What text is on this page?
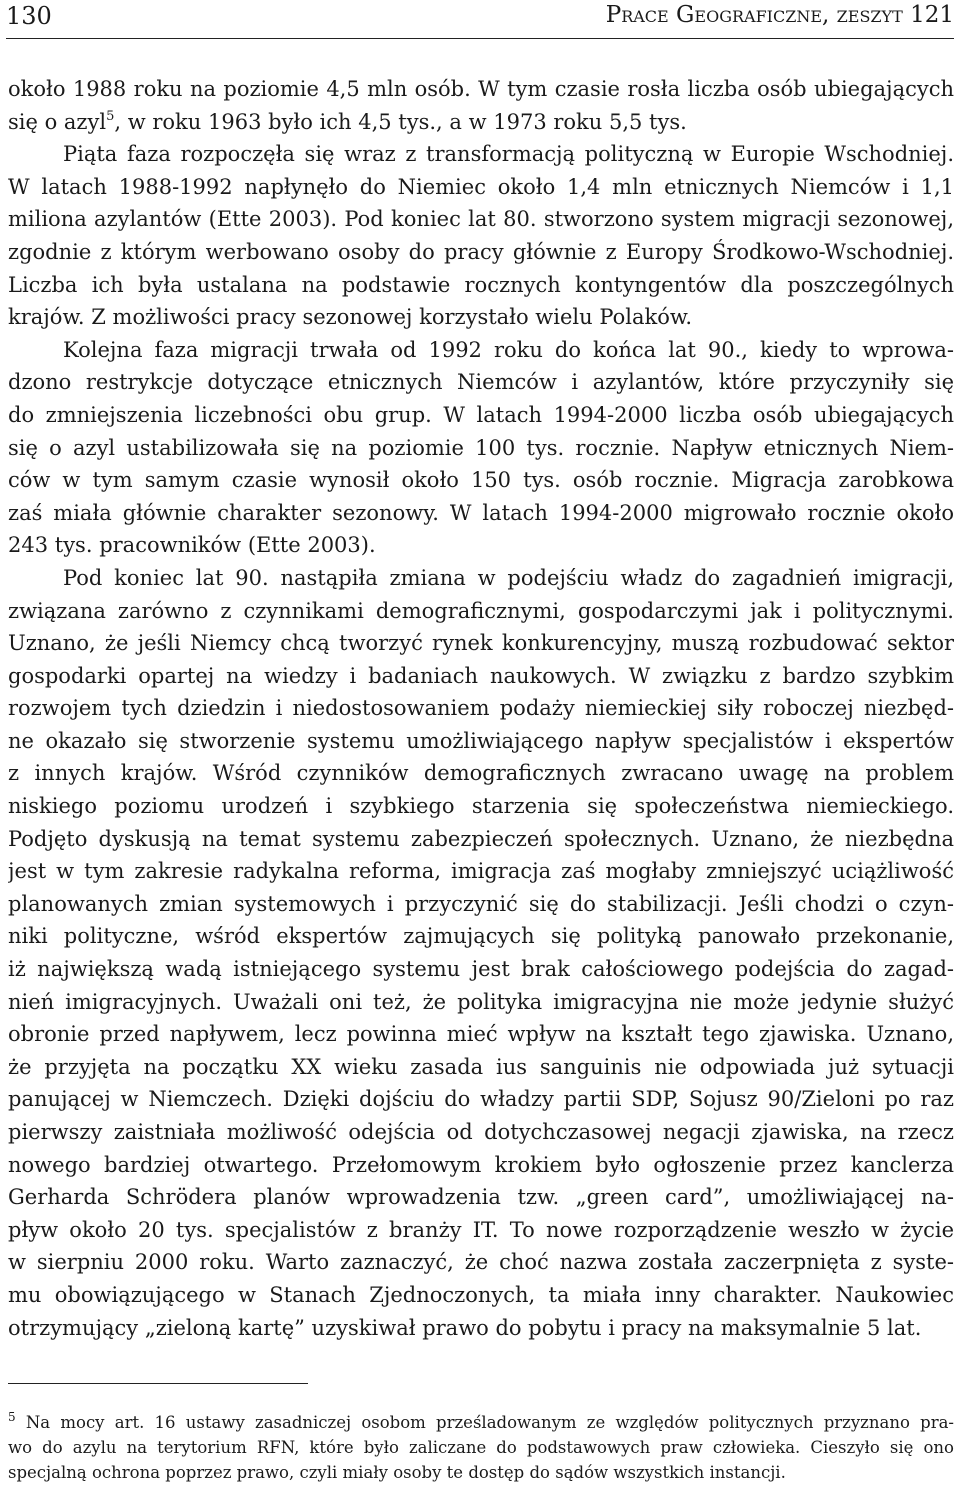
130	Prace Geograficzne, zeszyt 121
około 1988 roku na poziomie 4,5 mln osób. W tym czasie rosła liczba osób ubiegających
się o azyl$^5$, w roku 1963 było ich 4,5 tys., a w 1973 roku 5,5 tys.
Piąta faza rozpoczęła się wraz z transformacją polityczną w Europie Wschodniej.
W latach 1988-1992 napłynęło do Niemiec około 1,4 mln etnicznych Niemców i 1,1
miliona azylantów (Ette 2003). Pod koniec lat 80. stworzono system migracji sezonowej,
zgodnie z którym werbowano osoby do pracy głównie z Europy Środkowo-Wschodniej.
Liczba ich była ustalana na podstawie rocznych kontyngentów dla poszczególnych
krajów. Z możliwości pracy sezonowej korzystało wielu Polaków.
Kolejna faza migracji trwała od 1992 roku do końca lat 90., kiedy to wprowa-
dzono restrykcje dotyczące etnicznych Niemców i azylantów, które przyczyniły się
do zmniejszenia liczebności obu grup. W latach 1994-2000 liczba osób ubiegających
się o azyl ustabilizowała się na poziomie 100 tys. rocznie. Napływ etnicznych Niem-
ców w tym samym czasie wynosił około 150 tys. osób rocznie. Migracja zarobkowa
zaś miała głównie charakter sezonowy. W latach 1994-2000 migrowało rocznie około
243 tys. pracowników (Ette 2003).
Pod koniec lat 90. nastąpiła zmiana w podejściu władz do zagadnień imigracji,
związana zarówno z czynnikami demograficznymi, gospodarczymi jak i politycznymi.
Uznano, że jeśli Niemcy chcą tworzyć rynek konkurencyjny, muszą rozbudować sektor
gospodarki opartej na wiedzy i badaniach naukowych. W związku z bardzo szybkim
rozwojem tych dziedzin i niedostosowaniem podaży niemieckiej siły roboczej niezbęd-
ne okazało się stworzenie systemu umożliwiającego napływ specjalistów i ekspertów
z innych krajów. Wśród czynników demograficznych zwracano uwagę na problem
niskiego poziomu urodzeń i szybkiego starzenia się społeczeństwa niemieckiego.
Podjęto dyskusją na temat systemu zabezpieczeń społecznych. Uznano, że niezbędna
jest w tym zakresie radykalna reforma, imigracja zaś mogłaby zmniejszyć uciążliwość
planowanych zmian systemowych i przyczynić się do stabilizacji. Jeśli chodzi o czyn-
niki polityczne, wśród ekspertów zajmujących się polityką panowało przekonanie,
iż największą wadą istniejącego systemu jest brak całościowego podejścia do zagad-
nień imigracyjnych. Uważali oni też, że polityka imigracyjna nie może jedynie służyć
obronie przed napływem, lecz powinna mieć wpływ na kształt tego zjawiska. Uznano,
że przyjęta na początku XX wieku zasada ius sanguinis nie odpowiada już sytuacji
panującej w Niemczech. Dzięki dojściu do władzy partii SDP, Sojusz 90/Zieloni po raz
pierwszy zaistniała możliwość odejścia od dotychczasowej negacji zjawiska, na rzecz
nowego bardziej otwartego. Przełomowym krokiem było ogłoszenie przez kanclerza
Gerharda Schrödera planów wprowadzenia tzw. „green card”, umożliwiającej na-
pływ około 20 tys. specjalistów z branży IT. To nowe rozporządzenie weszło w życie
w sierpniu 2000 roku. Warto zaznaczyć, że choć nazwa została zaczerpnięta z syste-
mu obowiązującego w Stanach Zjednoczonych, ta miała inny charakter. Naukowiec
otrzymujący „zieloną kartę” uzyskiwał prawo do pobytu i pracy na maksymalnie 5 lat.
$^5$ Na mocy art. 16 ustawy zasadniczej osobom prześladowanym ze względów politycznych przyznano pra-
wo do azylu na terytorium RFN, które było zaliczane do podstawowych praw człowieka. Cieszyło się ono
specjalną ochrona poprzez prawo, czyli miały osoby te dostęp do sądów wszystkich instancji.
